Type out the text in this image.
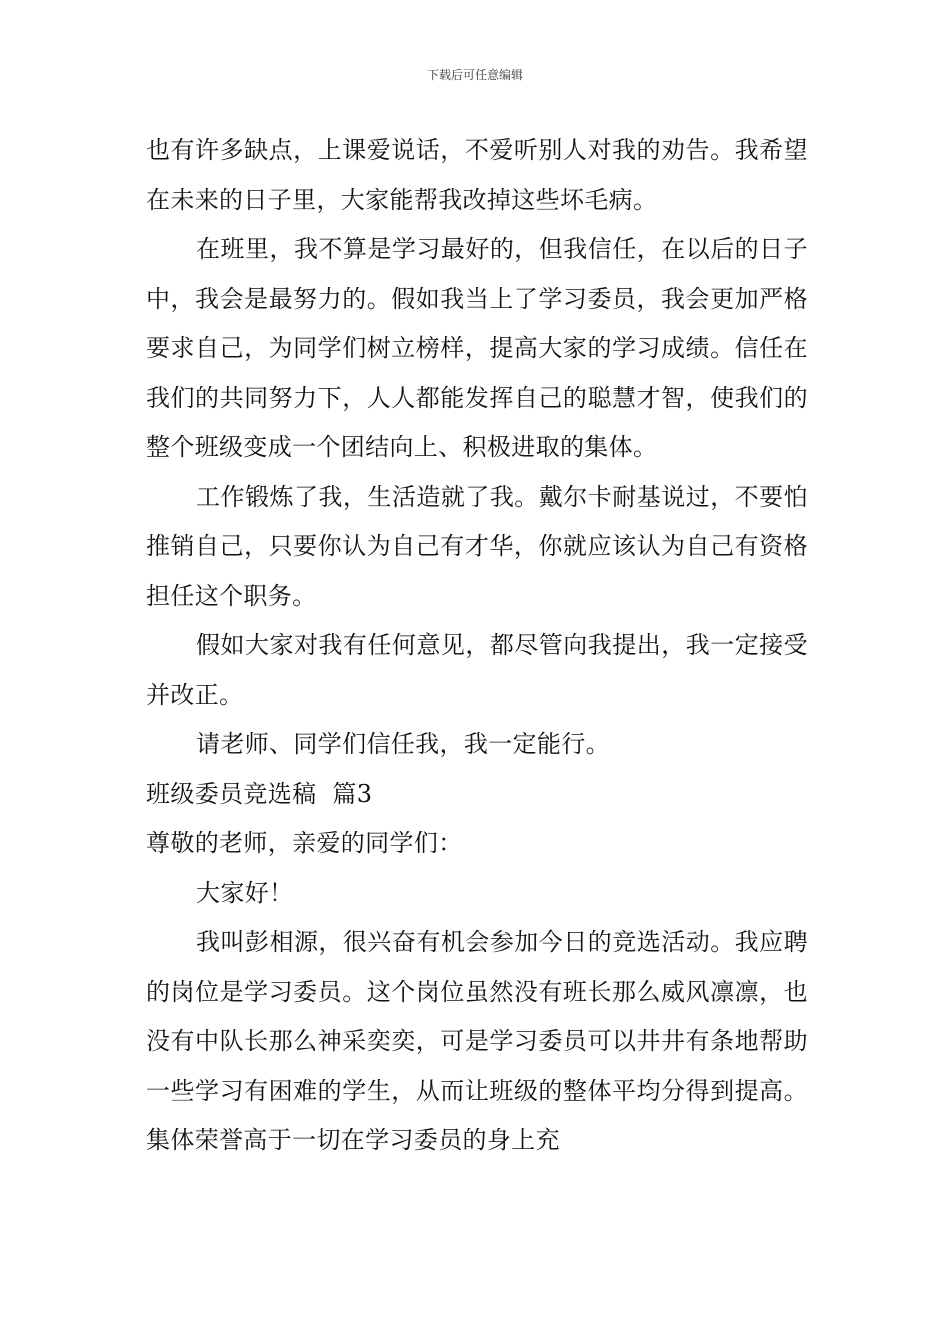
下载后可任意编辑

也有许多缺点，上课爱说话，不爱听别人对我的劝告。我希望在未来的日子里，大家能帮我改掉这些坏毛病。

在班里，我不算是学习最好的，但我信任，在以后的日子中，我会是最努力的。假如我当上了学习委员，我会更加严格要求自己，为同学们树立榜样，提高大家的学习成绩。信任在我们的共同努力下，人人都能发挥自己的聪慧才智，使我们的整个班级变成一个团结向上、积极进取的集体。

工作锻炼了我，生活造就了我。戴尔卡耐基说过，不要怕推销自己，只要你认为自己有才华，你就应该认为自己有资格担任这个职务。

假如大家对我有任何意见，都尽管向我提出，我一定接受并改正。

请老师、同学们信任我，我一定能行。

班级委员竞选稿  篇3

尊敬的老师，亲爱的同学们：

大家好！

我叫彭相源，很兴奋有机会参加今日的竞选活动。我应聘的岗位是学习委员。这个岗位虽然没有班长那么威风凛凛，也没有中队长那么神采奕奕，可是学习委员可以井井有条地帮助一些学习有困难的学生，从而让班级的整体平均分得到提高。集体荣誉高于一切在学习委员的身上充
